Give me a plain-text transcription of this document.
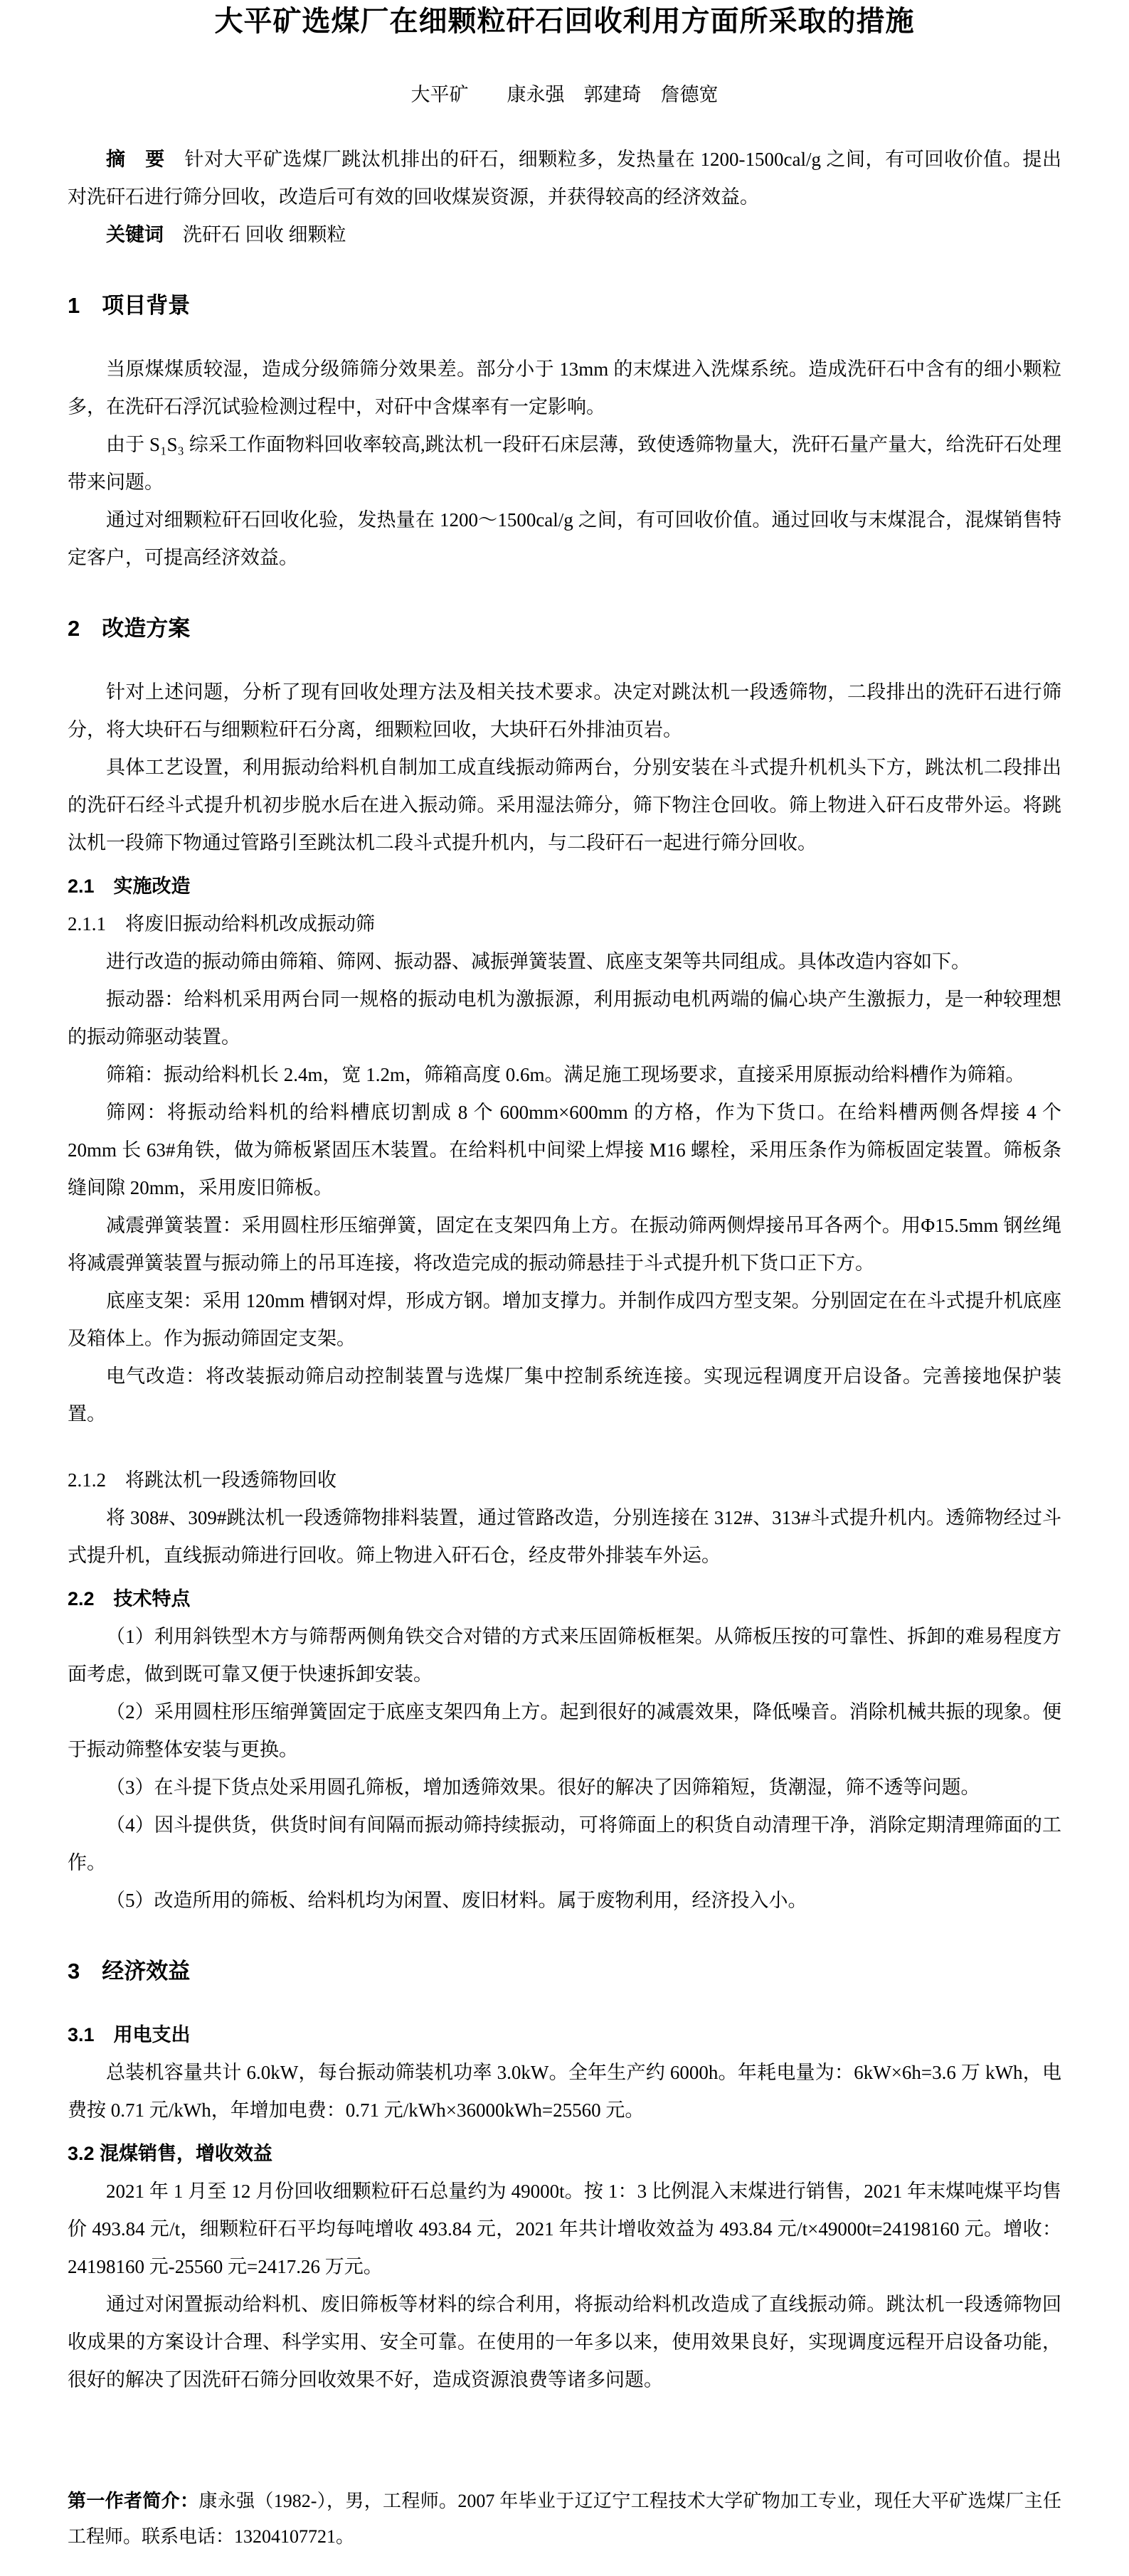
大平矿选煤厂在细颗粒矸石回收利用方面所采取的措施

大平矿　　康永强　郭建琦　詹德宽

摘　要　针对大平矿选煤厂跳汰机排出的矸石，细颗粒多，发热量在 1200-1500cal/g 之间，有可回收价值。提出对洗矸石进行筛分回收，改造后可有效的回收煤炭资源，并获得较高的经济效益。

关键词　洗矸石 回收 细颗粒

1　项目背景

当原煤煤质较湿，造成分级筛筛分效果差。部分小于 13mm 的末煤进入洗煤系统。造成洗矸石中含有的细小颗粒多，在洗矸石浮沉试验检测过程中，对矸中含煤率有一定影响。

由于 S₁S₃ 综采工作面物料回收率较高,跳汰机一段矸石床层薄，致使透筛物量大，洗矸石量产量大，给洗矸石处理带来问题。

通过对细颗粒矸石回收化验，发热量在 1200～1500cal/g 之间，有可回收价值。通过回收与末煤混合，混煤销售特定客户，可提高经济效益。

2　改造方案

针对上述问题，分析了现有回收处理方法及相关技术要求。决定对跳汰机一段透筛物，二段排出的洗矸石进行筛分，将大块矸石与细颗粒矸石分离，细颗粒回收，大块矸石外排油页岩。

具体工艺设置，利用振动给料机自制加工成直线振动筛两台，分别安装在斗式提升机机头下方，跳汰机二段排出的洗矸石经斗式提升机初步脱水后在进入振动筛。采用湿法筛分，筛下物注仓回收。筛上物进入矸石皮带外运。将跳汰机一段筛下物通过管路引至跳汰机二段斗式提升机内，与二段矸石一起进行筛分回收。

2.1　实施改造
2.1.1　将废旧振动给料机改成振动筛

进行改造的振动筛由筛箱、筛网、振动器、减振弹簧装置、底座支架等共同组成。具体改造内容如下。

振动器：给料机采用两台同一规格的振动电机为激振源，利用振动电机两端的偏心块产生激振力，是一种较理想的振动筛驱动装置。

筛箱：振动给料机长 2.4m，宽 1.2m，筛箱高度 0.6m。满足施工现场要求，直接采用原振动给料槽作为筛箱。

筛网：将振动给料机的给料槽底切割成 8 个 600mm×600mm 的方格，作为下货口。在给料槽两侧各焊接 4 个 20mm 长 63#角铁，做为筛板紧固压木装置。在给料机中间梁上焊接 M16 螺栓，采用压条作为筛板固定装置。筛板条缝间隙 20mm，采用废旧筛板。

减震弹簧装置：采用圆柱形压缩弹簧，固定在支架四角上方。在振动筛两侧焊接吊耳各两个。用Φ15.5mm 钢丝绳将减震弹簧装置与振动筛上的吊耳连接，将改造完成的振动筛悬挂于斗式提升机下货口正下方。

底座支架：采用 120mm 槽钢对焊，形成方钢。增加支撑力。并制作成四方型支架。分别固定在在斗式提升机底座及箱体上。作为振动筛固定支架。

电气改造：将改装振动筛启动控制装置与选煤厂集中控制系统连接。实现远程调度开启设备。完善接地保护装置。

2.1.2　将跳汰机一段透筛物回收

将 308#、309#跳汰机一段透筛物排料装置，通过管路改造，分别连接在 312#、313#斗式提升机内。透筛物经过斗式提升机，直线振动筛进行回收。筛上物进入矸石仓，经皮带外排装车外运。

2.2　技术特点

（1）利用斜铁型木方与筛帮两侧角铁交合对错的方式来压固筛板框架。从筛板压按的可靠性、拆卸的难易程度方面考虑，做到既可靠又便于快速拆卸安装。

（2）采用圆柱形压缩弹簧固定于底座支架四角上方。起到很好的减震效果，降低噪音。消除机械共振的现象。便于振动筛整体安装与更换。

（3）在斗提下货点处采用圆孔筛板，增加透筛效果。很好的解决了因筛箱短，货潮湿，筛不透等问题。

（4）因斗提供货，供货时间有间隔而振动筛持续振动，可将筛面上的积货自动清理干净，消除定期清理筛面的工作。

（5）改造所用的筛板、给料机均为闲置、废旧材料。属于废物利用，经济投入小。

3　经济效益
3.1　用电支出

总装机容量共计 6.0kW，每台振动筛装机功率 3.0kW。全年生产约 6000h。年耗电量为：6kW×6h=3.6 万 kWh，电费按 0.71 元/kWh，年增加电费：0.71 元/kWh×36000kWh=25560 元。

3.2 混煤销售，增收效益

2021 年 1 月至 12 月份回收细颗粒矸石总量约为 49000t。按 1：3 比例混入末煤进行销售，2021 年末煤吨煤平均售价 493.84 元/t，细颗粒矸石平均每吨增收 493.84 元，2021 年共计增收效益为 493.84 元/t×49000t=24198160 元。增收：24198160 元-25560 元=2417.26 万元。

通过对闲置振动给料机、废旧筛板等材料的综合利用，将振动给料机改造成了直线振动筛。跳汰机一段透筛物回收成果的方案设计合理、科学实用、安全可靠。在使用的一年多以来，使用效果良好，实现调度远程开启设备功能，很好的解决了因洗矸石筛分回收效果不好，造成资源浪费等诸多问题。

第一作者简介：康永强（1982-），男，工程师。2007 年毕业于辽辽宁工程技术大学矿物加工专业，现任大平矿选煤厂主任工程师。联系电话：13204107721。
